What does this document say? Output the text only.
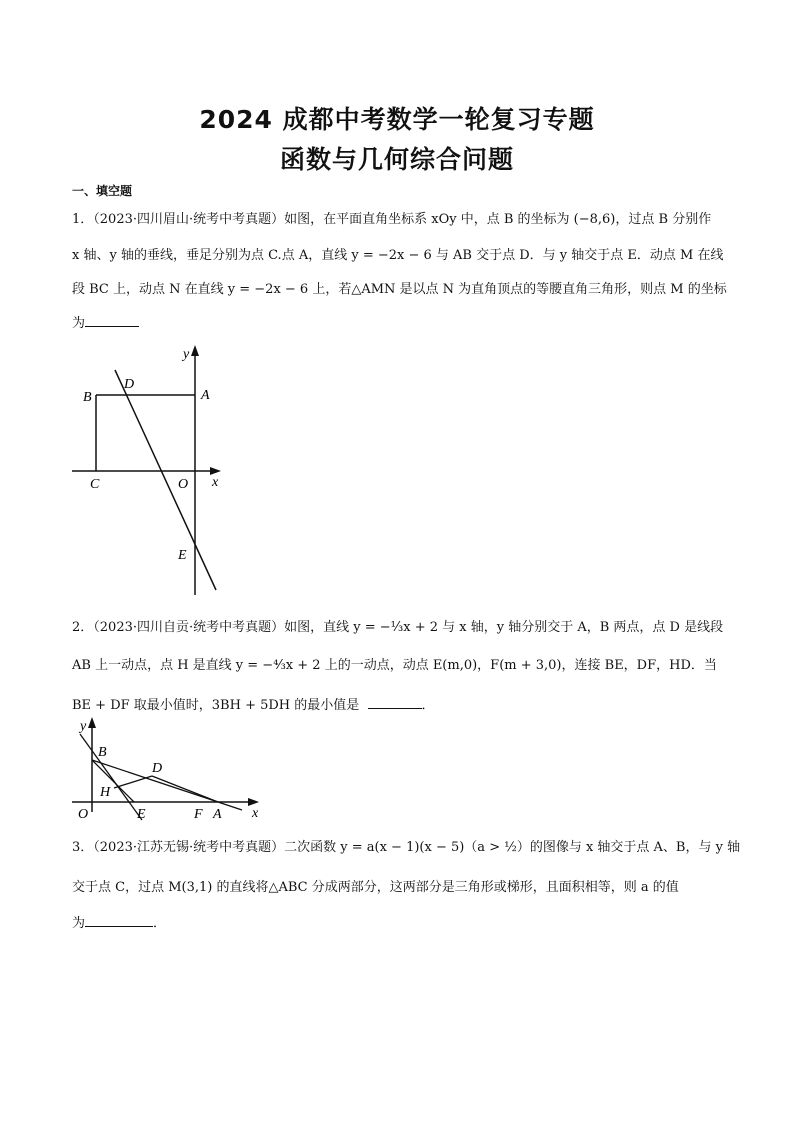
2024 成都中考数学一轮复习专题
函数与几何综合问题
一、填空题
1．（2023·四川眉山·统考中考真题）如图，在平面直角坐标系 xOy 中，点 B 的坐标为 (−8,6)，过点 B 分别作
x 轴、y 轴的垂线，垂足分别为点 C.点 A，直线 y = −2x − 6 与 AB 交于点 D．与 y 轴交于点 E．动点 M 在线
段 BC 上，动点 N 在直线 y = −2x − 6 上，若△AMN 是以点 N 为直角顶点的等腰直角三角形，则点 M 的坐标
为
y
B
D
A
C	O x
E
2．（2023·四川自贡·统考中考真题）如图，直线 y = −⅓x + 2 与 x 轴，y 轴分别交于 A，B 两点，点 D 是线段
AB 上一动点，点 H 是直线 y = −⁴⁄₃x + 2 上的一动点，动点 E(m,0)，F(m + 3,0)，连接 BE，DF，HD．当
BE + DF 取最小值时，3BH + 5DH 的最小值是	．
y
B
D
H
O	E	F A x
3．（2023·江苏无锡·统考中考真题）二次函数 y = a(x − 1)(x − 5)（a > ½）的图像与 x 轴交于点 A、B，与 y 轴
交于点 C，过点 M(3,1) 的直线将△ABC 分成两部分，这两部分是三角形或梯形，且面积相等，则 a 的值
为	．
